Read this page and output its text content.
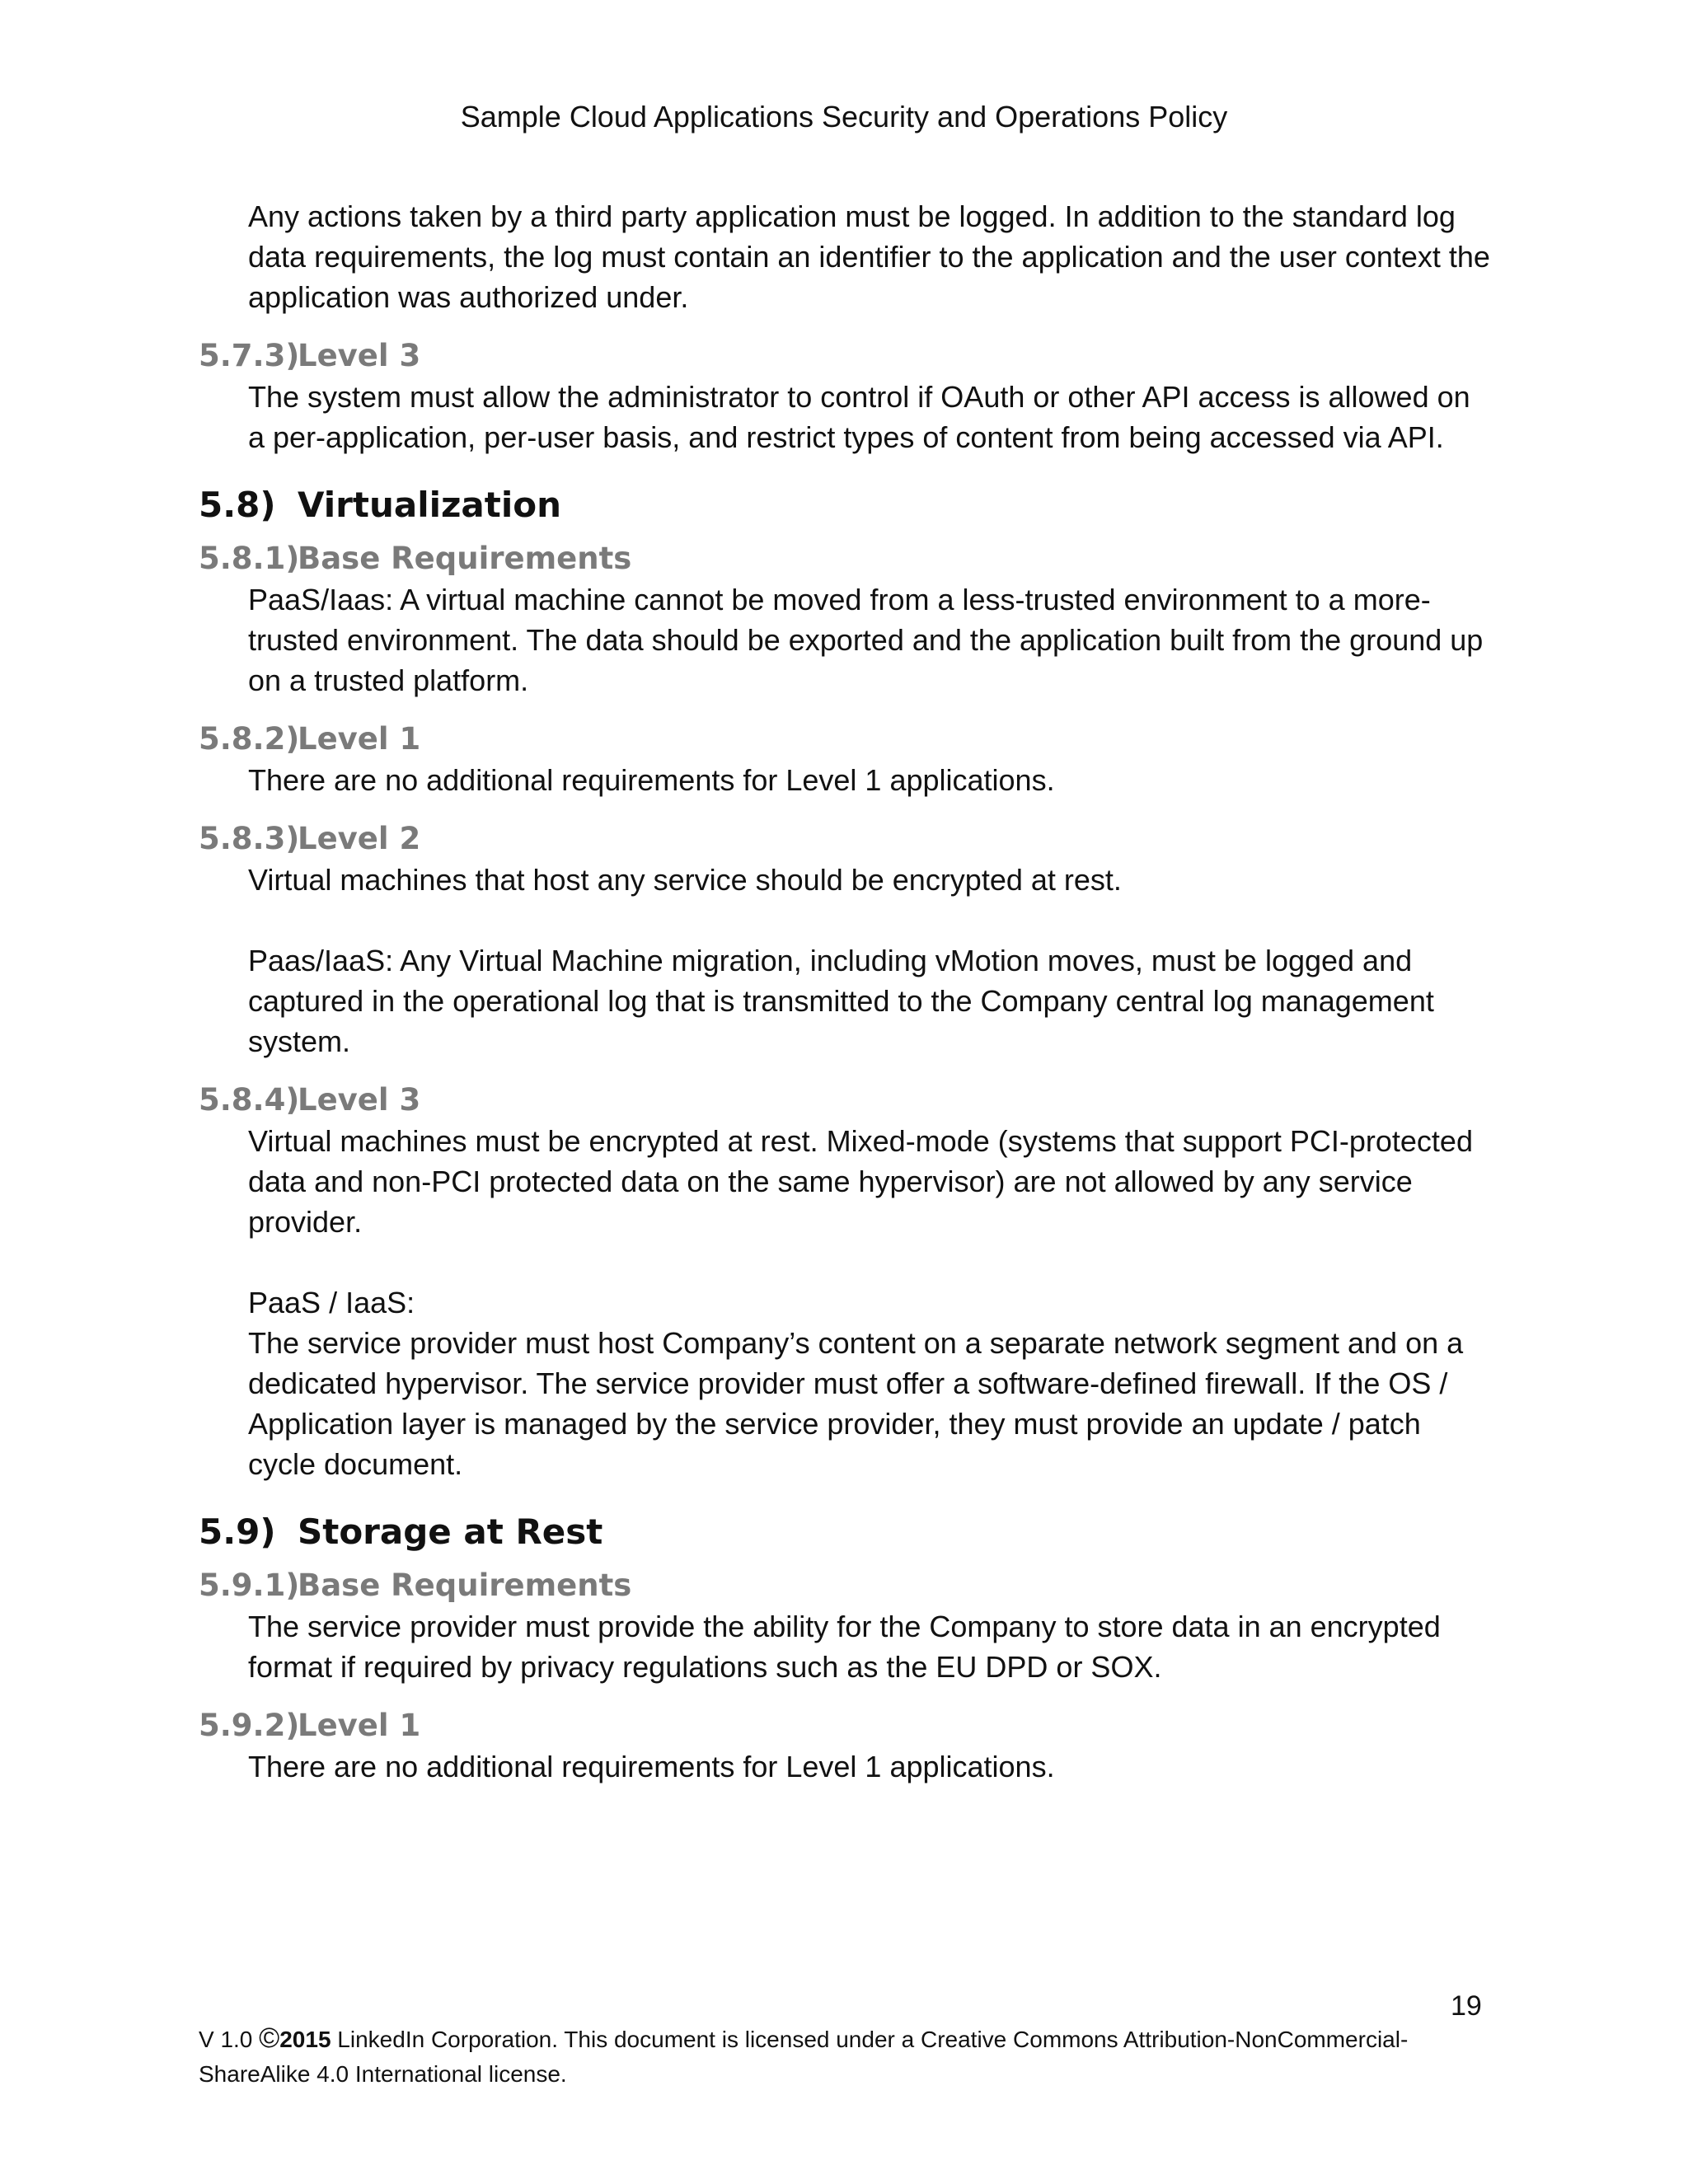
Sample Cloud Applications Security and Operations Policy

Any actions taken by a third party application must be logged. In addition to the standard log data requirements, the log must contain an identifier to the application and the user context the application was authorized under.

5.7.3)Level 3

The system must allow the administrator to control if OAuth or other API access is allowed on a per-application, per-user basis, and restrict types of content from being accessed via API.

5.8) Virtualization
5.8.1)Base Requirements

PaaS/Iaas: A virtual machine cannot be moved from a less-trusted environment to a more-trusted environment. The data should be exported and the application built from the ground up on a trusted platform.

5.8.2)Level 1

There are no additional requirements for Level 1 applications.

5.8.3)Level 2

Virtual machines that host any service should be encrypted at rest.

Paas/IaaS: Any Virtual Machine migration, including vMotion moves, must be logged and captured in the operational log that is transmitted to the Company central log management system.

5.8.4)Level 3

Virtual machines must be encrypted at rest. Mixed-mode (systems that support PCI-protected data and non-PCI protected data on the same hypervisor) are not allowed by any service provider.

PaaS / IaaS:

The service provider must host Company’s content on a separate network segment and on a dedicated hypervisor. The service provider must offer a software-defined firewall. If the OS / Application layer is managed by the service provider, they must provide an update / patch cycle document.

5.9) Storage at Rest
5.9.1)Base Requirements

The service provider must provide the ability for the Company to store data in an encrypted format if required by privacy regulations such as the EU DPD or SOX.

5.9.2)Level 1

There are no additional requirements for Level 1 applications.

19
V 1.0 ©2015 LinkedIn Corporation. This document is licensed under a Creative Commons Attribution-NonCommercial-ShareAlike 4.0 International license.
